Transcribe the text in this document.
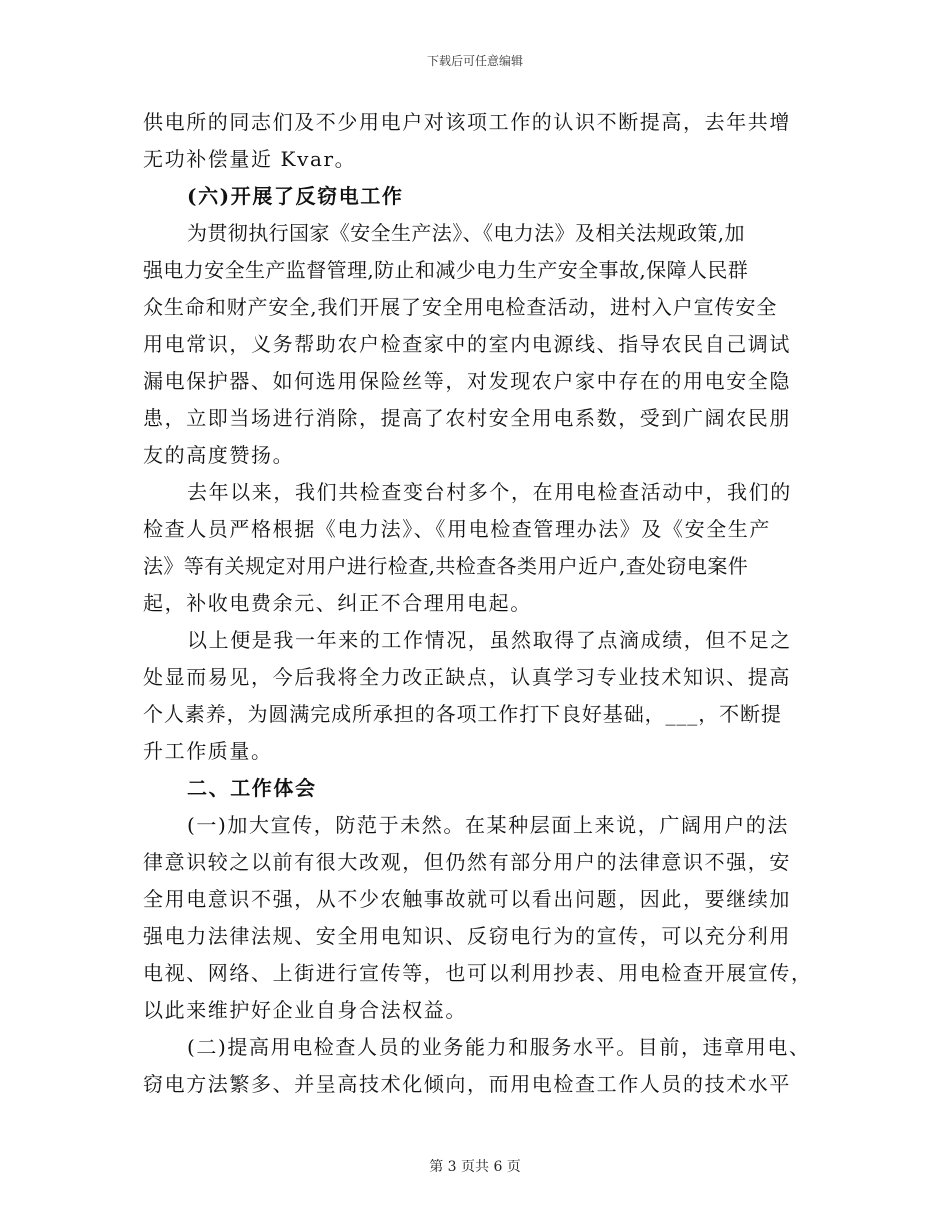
下载后可任意编辑
供电所的同志们及不少用电户对该项工作的认识不断提高，去年共增
无功补偿量近 Kvar。
(六)开展了反窃电工作
为贯彻执行国家《安全生产法》、《电力法》及相关法规政策,加
强电力安全生产监督管理,防止和减少电力生产安全事故,保障人民群
众生命和财产安全,我们开展了安全用电检查活动，进村入户宣传安全
用电常识，义务帮助农户检查家中的室内电源线、指导农民自己调试
漏电保护器、如何选用保险丝等，对发现农户家中存在的用电安全隐
患，立即当场进行消除，提高了农村安全用电系数，受到广阔农民朋
友的高度赞扬。
去年以来，我们共检查变台村多个，在用电检查活动中，我们的
检查人员严格根据《电力法》、《用电检查管理办法》及《安全生产
法》等有关规定对用户进行检查,共检查各类用户近户,查处窃电案件
起，补收电费余元、纠正不合理用电起。
以上便是我一年来的工作情况，虽然取得了点滴成绩，但不足之
处显而易见，今后我将全力改正缺点，认真学习专业技术知识、提高
个人素养，为圆满完成所承担的各项工作打下良好基础，___，不断提
升工作质量。
二、工作体会
(一)加大宣传，防范于未然。在某种层面上来说，广阔用户的法
律意识较之以前有很大改观，但仍然有部分用户的法律意识不强，安
全用电意识不强，从不少农触事故就可以看出问题，因此，要继续加
强电力法律法规、安全用电知识、反窃电行为的宣传，可以充分利用
电视、网络、上街进行宣传等，也可以利用抄表、用电检查开展宣传，
以此来维护好企业自身合法权益。
(二)提高用电检查人员的业务能力和服务水平。目前，违章用电、
窃电方法繁多、并呈高技术化倾向，而用电检查工作人员的技术水平
第 3 页共 6 页
